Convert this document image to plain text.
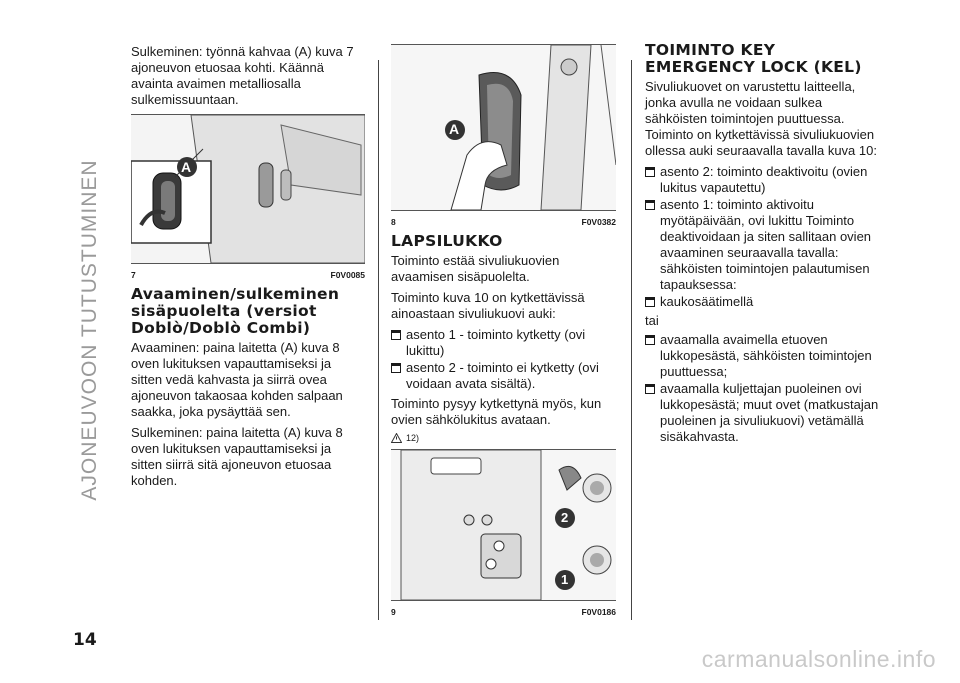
AJONEUVOON TUTUSTUMINEN

Sulkeminen: työnnä kahvaa (A) kuva 7 ajoneuvon etuosaa kohti. Käännä avainta avaimen metalliosalla sulkemissuuntaan.

A
7	F0V0085
Avaaminen/sulkeminen sisäpuolelta (versiot Doblò/Doblò Combi)

Avaaminen: paina laitetta (A) kuva 8 oven lukituksen vapauttamiseksi ja sitten vedä kahvasta ja siirrä ovea ajoneuvon takaosaa kohden salpaan saakka, joka pysäyttää sen.

Sulkeminen: paina laitetta (A) kuva 8 oven lukituksen vapauttamiseksi ja sitten siirrä sitä ajoneuvon etuosaa kohden.

A
8	F0V0382
LAPSILUKKO

Toiminto estää sivuliukuovien avaamisen sisäpuolelta.

Toiminto kuva 10 on kytkettävissä ainoastaan sivuliukuovi auki:

asento 1 - toiminto kytketty (ovi lukittu)
asento 2 - toiminto ei kytketty (ovi voidaan avata sisältä).

Toiminto pysyy kytkettynä myös, kun ovien sähkölukitus avataan.

12)
2
1
9	F0V0186
TOIMINTO KEY EMERGENCY LOCK (KEL)

Sivuliukuovet on varustettu laitteella, jonka avulla ne voidaan sulkea sähköisten toimintojen puuttuessa. Toiminto on kytkettävissä sivuliukuovien ollessa auki seuraavalla tavalla kuva 10:

asento 2: toiminto deaktivoitu (ovien lukitus vapautettu)
asento 1: toiminto aktivoitu myötäpäivään, ovi lukittu Toiminto deaktivoidaan ja siten sallitaan ovien avaaminen seuraavalla tavalla: sähköisten toimintojen palautumisen tapauksessa:
kaukosäätimellä

tai

avaamalla avaimella etuoven lukkopesästä, sähköisten toimintojen puuttuessa;
avaamalla kuljettajan puoleinen ovi lukkopesästä; muut ovet (matkustajan puoleinen ja sivuliukuovi) vetämällä sisäkahvasta.
14
carmanualsonline.info
